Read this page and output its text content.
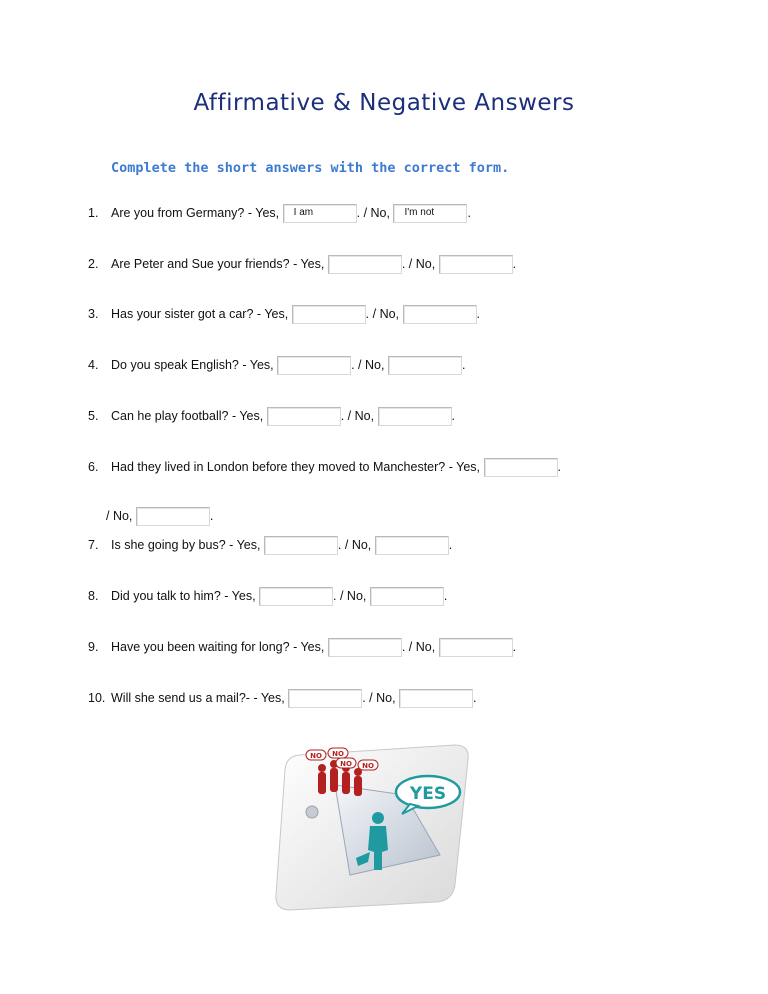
Affirmative & Negative Answers
Complete the short answers with the correct form.
1. Are you from Germany? - Yes, I am	. / No, I'm not	.
2. Are Peter and Sue your friends? - Yes,	. / No,	.
3. Has your sister got a car? - Yes,	. / No,	.
4. Do you speak English? - Yes,	. / No,	.
5. Can he play football? - Yes,	. / No,	.
6. Had they lived in London before they moved to Manchester? - Yes,	.
/ No,	.
7. Is she going by bus? - Yes,	. / No,	.
8. Did you talk to him? - Yes,	. / No,	.
9. Have you been waiting for long? - Yes,	. / No,	.
10. Will she send us a mail?- - Yes,	. / No,	.
NO NO
NO NO
YES
